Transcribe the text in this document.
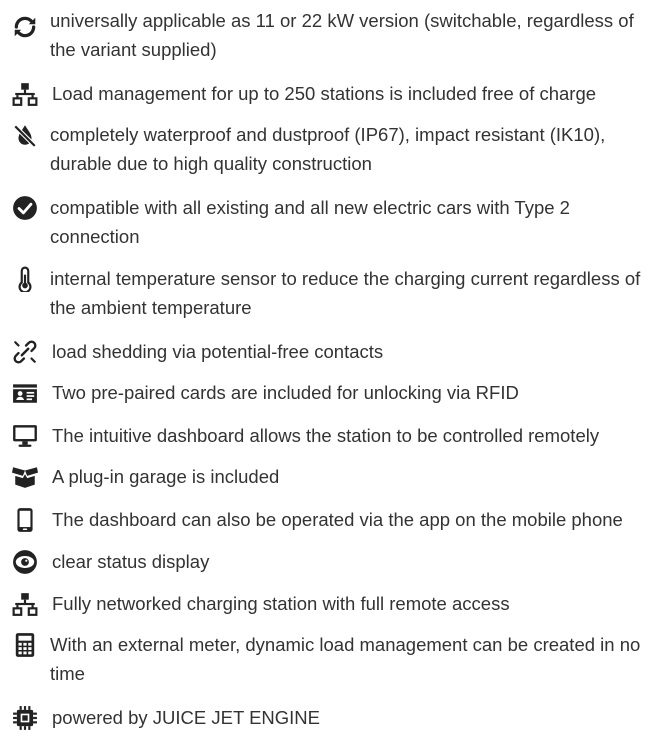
universally applicable as 11 or 22 kW version (switchable, regardless of the variant supplied)
Load management for up to 250 stations is included free of charge
completely waterproof and dustproof (IP67), impact resistant (IK10), durable due to high quality construction
compatible with all existing and all new electric cars with Type 2 connection
internal temperature sensor to reduce the charging current regardless of the ambient temperature
load shedding via potential-free contacts
Two pre-paired cards are included for unlocking via RFID
The intuitive dashboard allows the station to be controlled remotely
A plug-in garage is included
The dashboard can also be operated via the app on the mobile phone
clear status display
Fully networked charging station with full remote access
With an external meter, dynamic load management can be created in no time
powered by JUICE JET ENGINE
